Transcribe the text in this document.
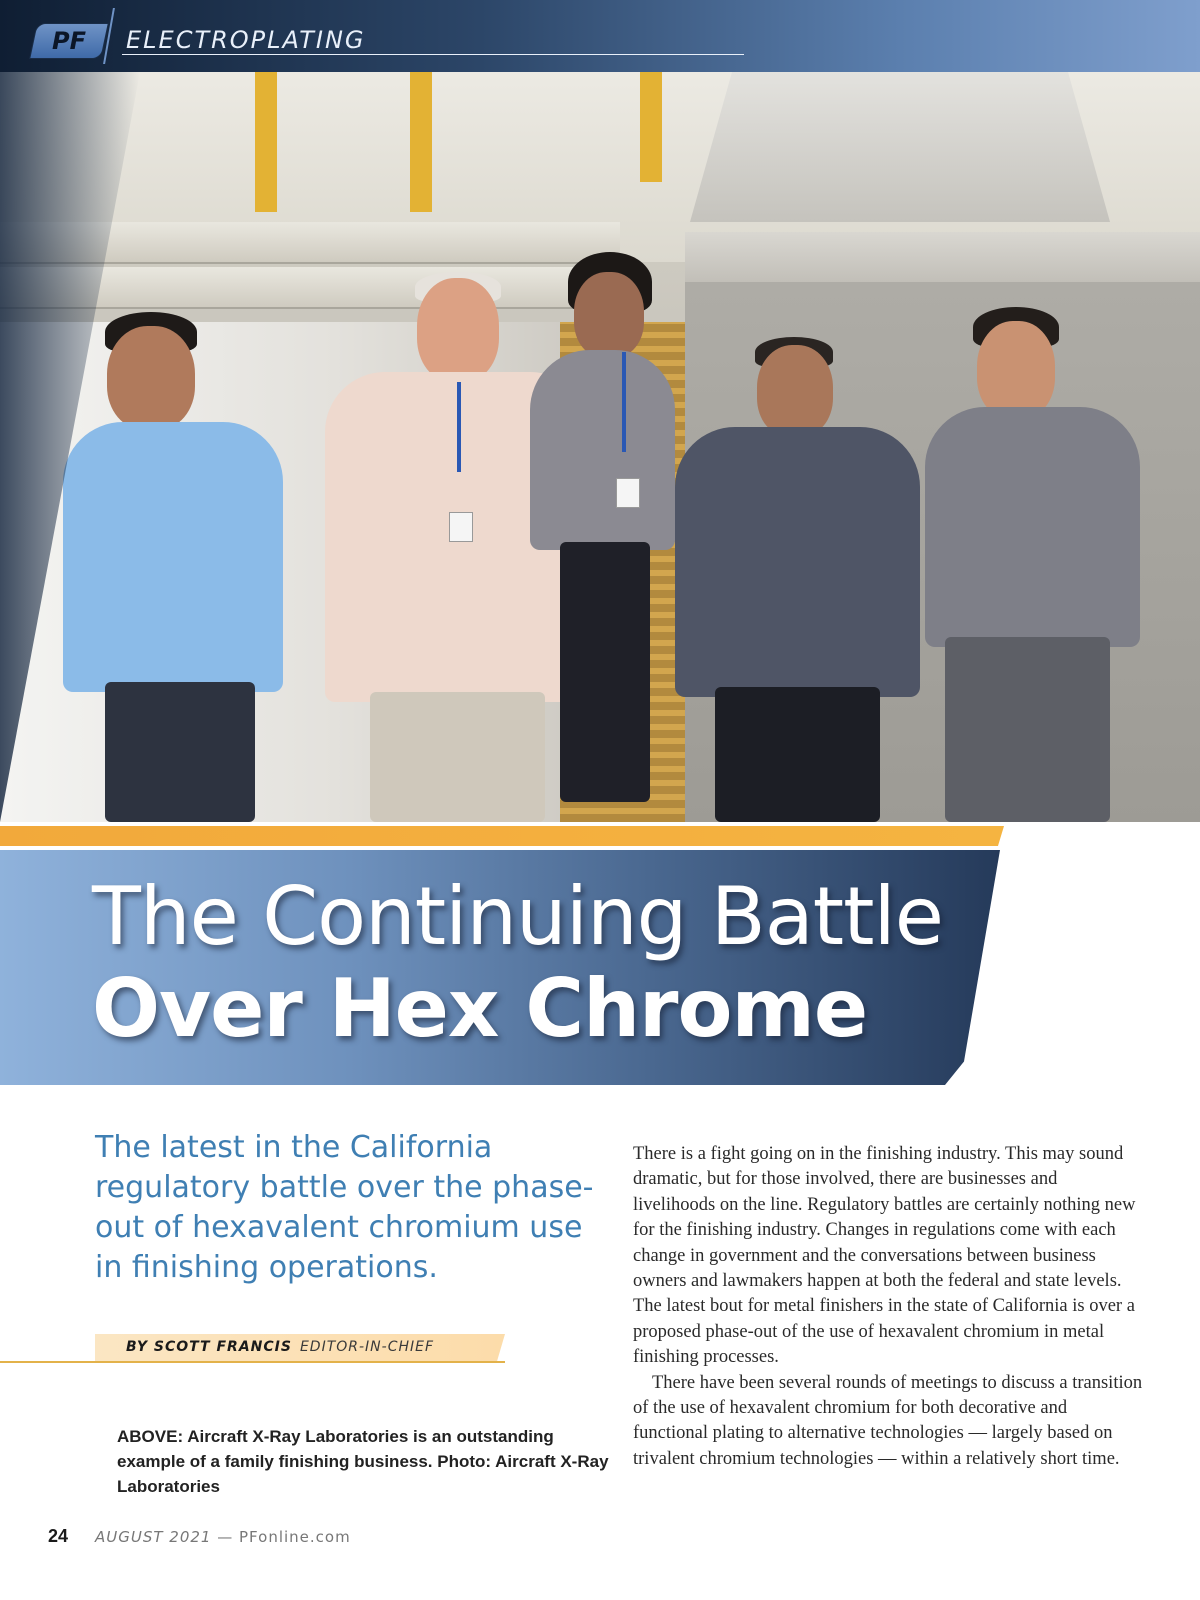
PF	ELECTROPLATING
The Continuing Battle
Over Hex Chrome
The latest in the California regulatory battle over the phase-out of hexavalent chromium use in finishing operations.
BY SCOTT FRANCIS EDITOR-IN-CHIEF
ABOVE: Aircraft X-Ray Laboratories is an outstanding example of a family finishing business. Photo: Aircraft X-Ray Laboratories

There is a fight going on in the finishing industry. This may sound dramatic, but for those involved, there are businesses and livelihoods on the line. Regulatory battles are certainly nothing new for the finishing industry. Changes in regulations come with each change in government and the conversations between business owners and lawmakers happen at both the federal and state levels. The latest bout for metal finishers in the state of California is over a proposed phase-out of the use of hexavalent chromium in metal finishing processes.

There have been several rounds of meetings to discuss a transition of the use of hexavalent chromium for both decorative and functional plating to alternative technologies — largely based on trivalent chromium technologies — within a relatively short time.

24 AUGUST 2021 — PFonline.com
